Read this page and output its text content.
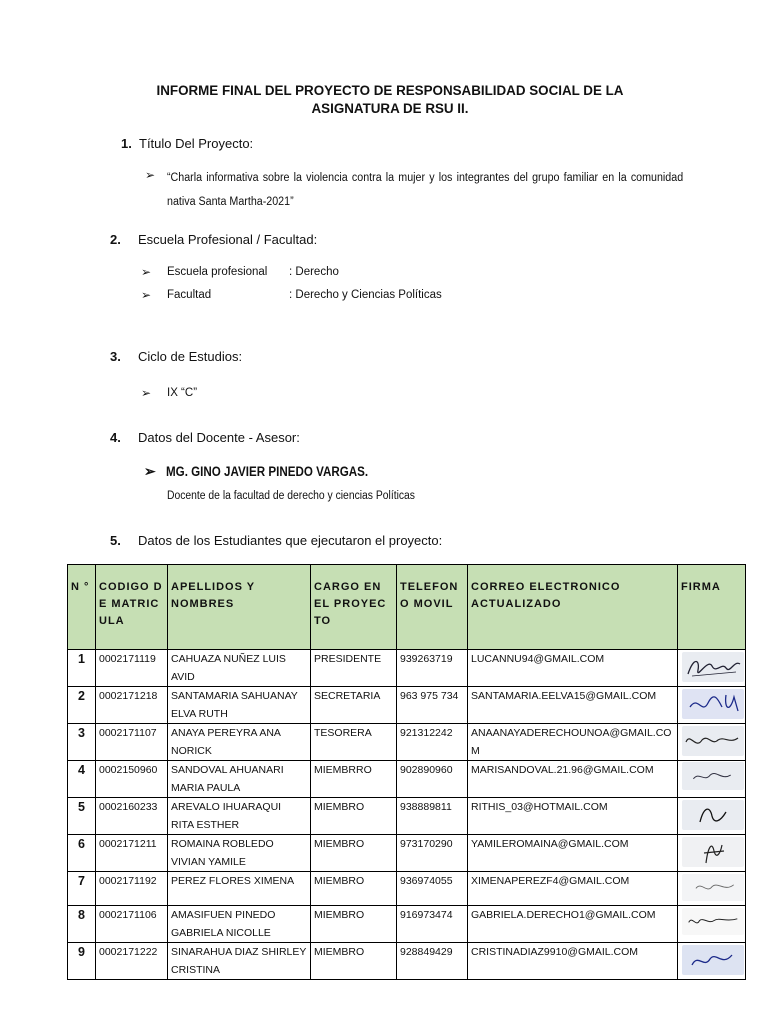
INFORME FINAL DEL PROYECTO DE RESPONSABILIDAD SOCIAL DE LA
ASIGNATURA DE RSU II.
1. Título Del Proyecto:
➢ “Charla informativa sobre la violencia contra la mujer y los integrantes del grupo familiar en la comunidad nativa Santa Martha-2021”
2. Escuela Profesional / Facultad:
➢ Escuela profesional : Derecho
➢ Facultad	: Derecho y Ciencias Políticas
3. Ciclo de Estudios:
➢ IX “C”
4. Datos del Docente - Asesor:
➢ MG. GINO JAVIER PINEDO VARGAS.
Docente de la facultad de derecho y ciencias Políticas
5. Datos de los Estudiantes que ejecutaron el proyecto:
N °	CODIGO DE MATRICULA	APELLIDOS Y NOMBRES	CARGO EN EL PROYECTO	TELEFONO MOVIL	CORREO ELECTRONICO ACTUALIZADO	FIRMA
1	0002171119	CAHUAZA NUÑEZ LUIS AVID	PRESIDENTE	939263719	LUCANNU94@GMAIL.COM	

2	0002171218	SANTAMARIA SAHUANAY ELVA RUTH	SECRETARIA	963 975 734	SANTAMARIA.EELVA15@GMAIL.COM	

3	0002171107	ANAYA PEREYRA ANA NORICK	TESORERA	921312242	ANAANAYADERECHOUNOA@GMAIL.COM	

4	0002150960	SANDOVAL AHUANARI MARIA PAULA	MIEMBRRO	902890960	MARISANDOVAL.21.96@GMAIL.COM	

5	0002160233	AREVALO IHUARAQUI RITA ESTHER	MIEMBRO	938889811	RITHIS_03@HOTMAIL.COM	

6	0002171211	ROMAINA ROBLEDO VIVIAN YAMILE	MIEMBRO	973170290	YAMILEROMAINA@GMAIL.COM	

7	0002171192	PEREZ FLORES XIMENA	MIEMBRO	936974055	XIMENAPEREZF4@GMAIL.COM	

8	0002171106	AMASIFUEN PINEDO GABRIELA NICOLLE	MIEMBRO	916973474	GABRIELA.DERECHO1@GMAIL.COM	

9	0002171222	SINARAHUA DIAZ SHIRLEY CRISTINA	MIEMBRO	928849429	CRISTINADIAZ9910@GMAIL.COM	
